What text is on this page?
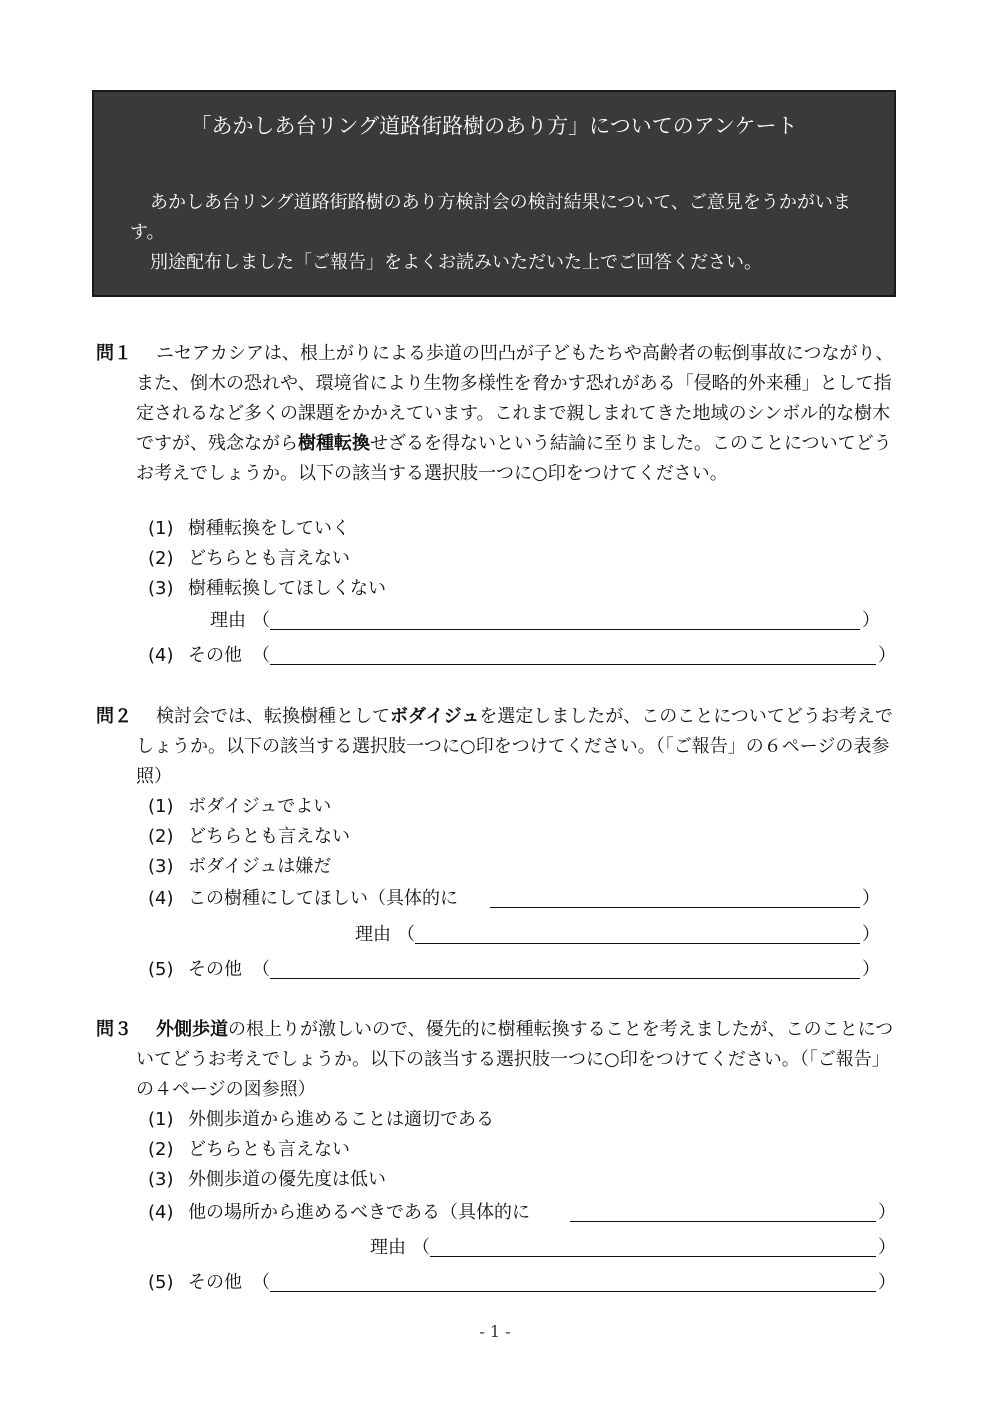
「あかしあ台リング道路街路樹のあり方」についてのアンケート

あかしあ台リング道路街路樹のあり方検討会の検討結果について、ご意見をうかがいます。

別途配布しました「ご報告」をよくお読みいただいた上でご回答ください。

問１	ニセアカシアは、根上がりによる歩道の凹凸が子どもたちや高齢者の転倒事故につながり、また、倒木の恐れや、環境省により生物多様性を脅かす恐れがある「侵略的外来種」として指定されるなど多くの課題をかかえています。これまで親しまれてきた地域のシンボル的な樹木ですが、残念ながら樹種転換せざるを得ないという結論に至りました。このことについてどうお考えでしょうか。以下の該当する選択肢一つに○印をつけてください。

(1) 樹種転換をしていく
(2) どちらとも言えない
(3) 樹種転換してほしくない
理由 （	）
(4) その他 （	）
問２	検討会では、転換樹種としてボダイジュを選定しましたが、このことについてどうお考えでしょうか。以下の該当する選択肢一つに○印をつけてください。（「ご報告」の６ページの表参照）

(1) ボダイジュでよい
(2) どちらとも言えない
(3) ボダイジュは嫌だ
(4) この樹種にしてほしい（具体的に	）
理由 （	）
(5) その他 （	）
問３	外側歩道の根上りが激しいので、優先的に樹種転換することを考えましたが、このことについてどうお考えでしょうか。以下の該当する選択肢一つに○印をつけてください。（「ご報告」の４ページの図参照）

(1) 外側歩道から進めることは適切である
(2) どちらとも言えない
(3) 外側歩道の優先度は低い
(4) 他の場所から進めるべきである（具体的に	）
理由 （	）
(5) その他 （	）
- 1 -
